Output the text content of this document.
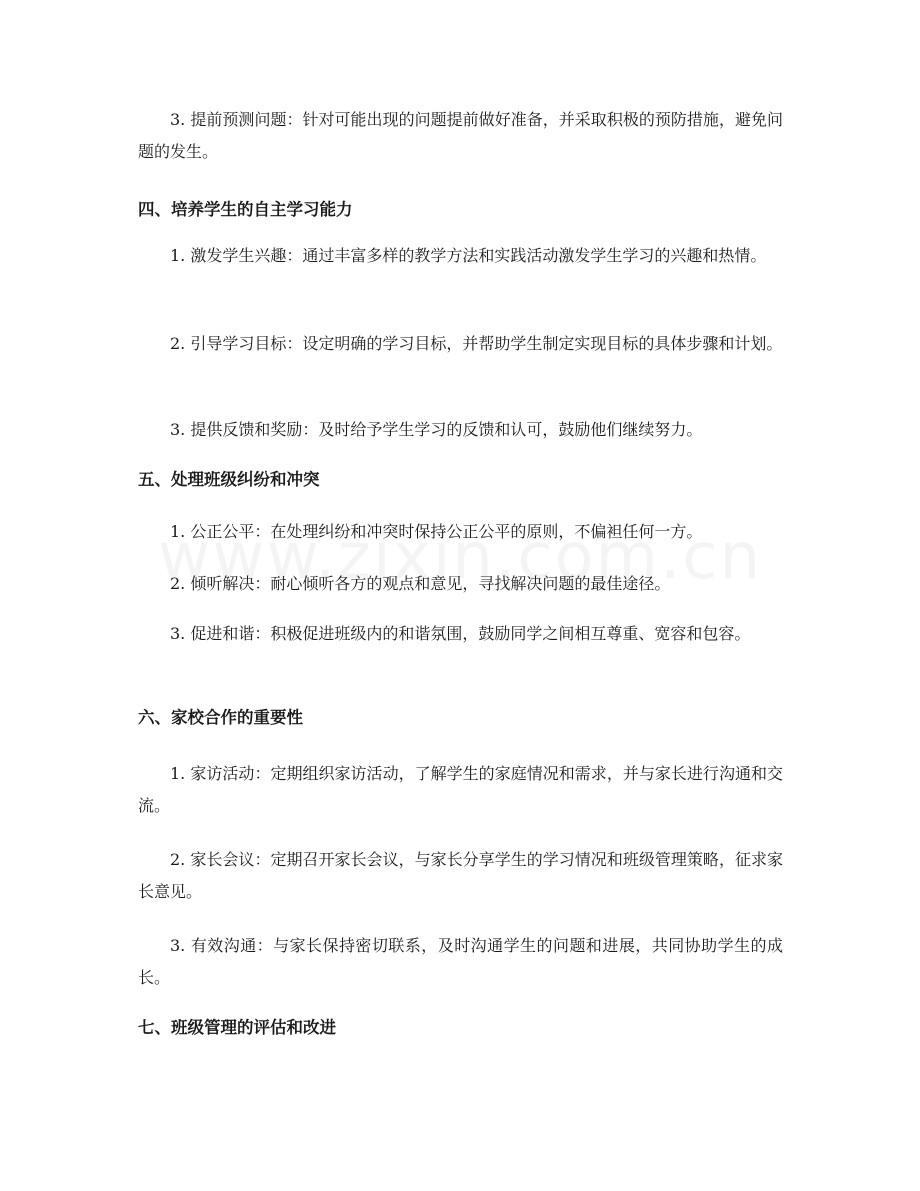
3. 提前预测问题：针对可能出现的问题提前做好准备，并采取积极的预防措施，避免问题的发生。

四、培养学生的自主学习能力

1. 激发学生兴趣：通过丰富多样的教学方法和实践活动激发学生学习的兴趣和热情。

2. 引导学习目标：设定明确的学习目标，并帮助学生制定实现目标的具体步骤和计划。

3. 提供反馈和奖励：及时给予学生学习的反馈和认可，鼓励他们继续努力。

五、处理班级纠纷和冲突

1. 公正公平：在处理纠纷和冲突时保持公正公平的原则，不偏袒任何一方。

2. 倾听解决：耐心倾听各方的观点和意见，寻找解决问题的最佳途径。

3. 促进和谐：积极促进班级内的和谐氛围，鼓励同学之间相互尊重、宽容和包容。

六、家校合作的重要性

1. 家访活动：定期组织家访活动，了解学生的家庭情况和需求，并与家长进行沟通和交流。

2. 家长会议：定期召开家长会议，与家长分享学生的学习情况和班级管理策略，征求家长意见。

3. 有效沟通：与家长保持密切联系，及时沟通学生的问题和进展，共同协助学生的成长。

七、班级管理的评估和改进
